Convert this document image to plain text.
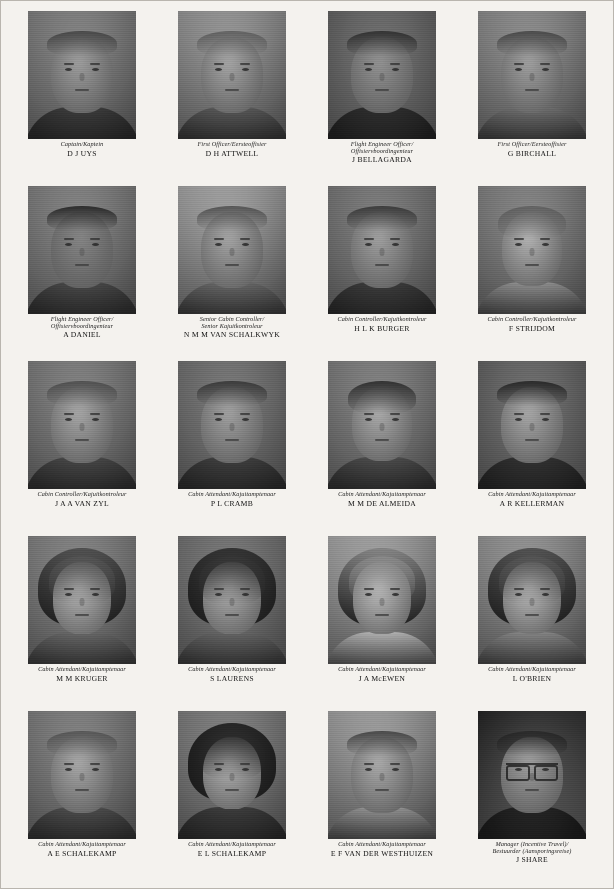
Captain/Kaptein
D J UYS
First Officer/Eersteoffisier
D H ATTWELL
Flight Engineer Officer/
Offisiervboordingenieur
J BELLAGARDA
First Officer/Eersteoffisier
G BIRCHALL
Flight Engineer Officer/
Offisiervboordingenieur
A DANIEL
Senior Cabin Controller/
Senior Kajuitkontroleur
N M M VAN SCHALKWYK
Cabin Controller/Kajuitkontroleur
H L K BURGER
Cabin Controller/Kajuitkontroleur
F STRIJDOM
Cabin Controller/Kajuitkontroleur
J A A VAN ZYL
Cabin Attendant/Kajuitamptenaar
P L CRAMB
Cabin Attendant/Kajuitamptenaar
M M DE ALMEIDA
Cabin Attendant/Kajuitamptenaar
A R KELLERMAN
Cabin Attendant/Kajuitamptenaar
M M KRUGER
Cabin Attendant/Kajuitamptenaar
S LAURENS
Cabin Attendant/Kajuitamptenaar
J A McEWEN
Cabin Attendant/Kajuitamptenaar
L O'BRIEN
Cabin Attendant/Kajuitamptenaar
A E SCHALEKAMP
Cabin Attendant/Kajuitamptenaar
E L SCHALEKAMP
Cabin Attendant/Kajuitamptenaar
E F VAN DER WESTHUIZEN
Manager (Incentive Travel)/
Bestuurder (Aansporingsreise)
J SHARE
